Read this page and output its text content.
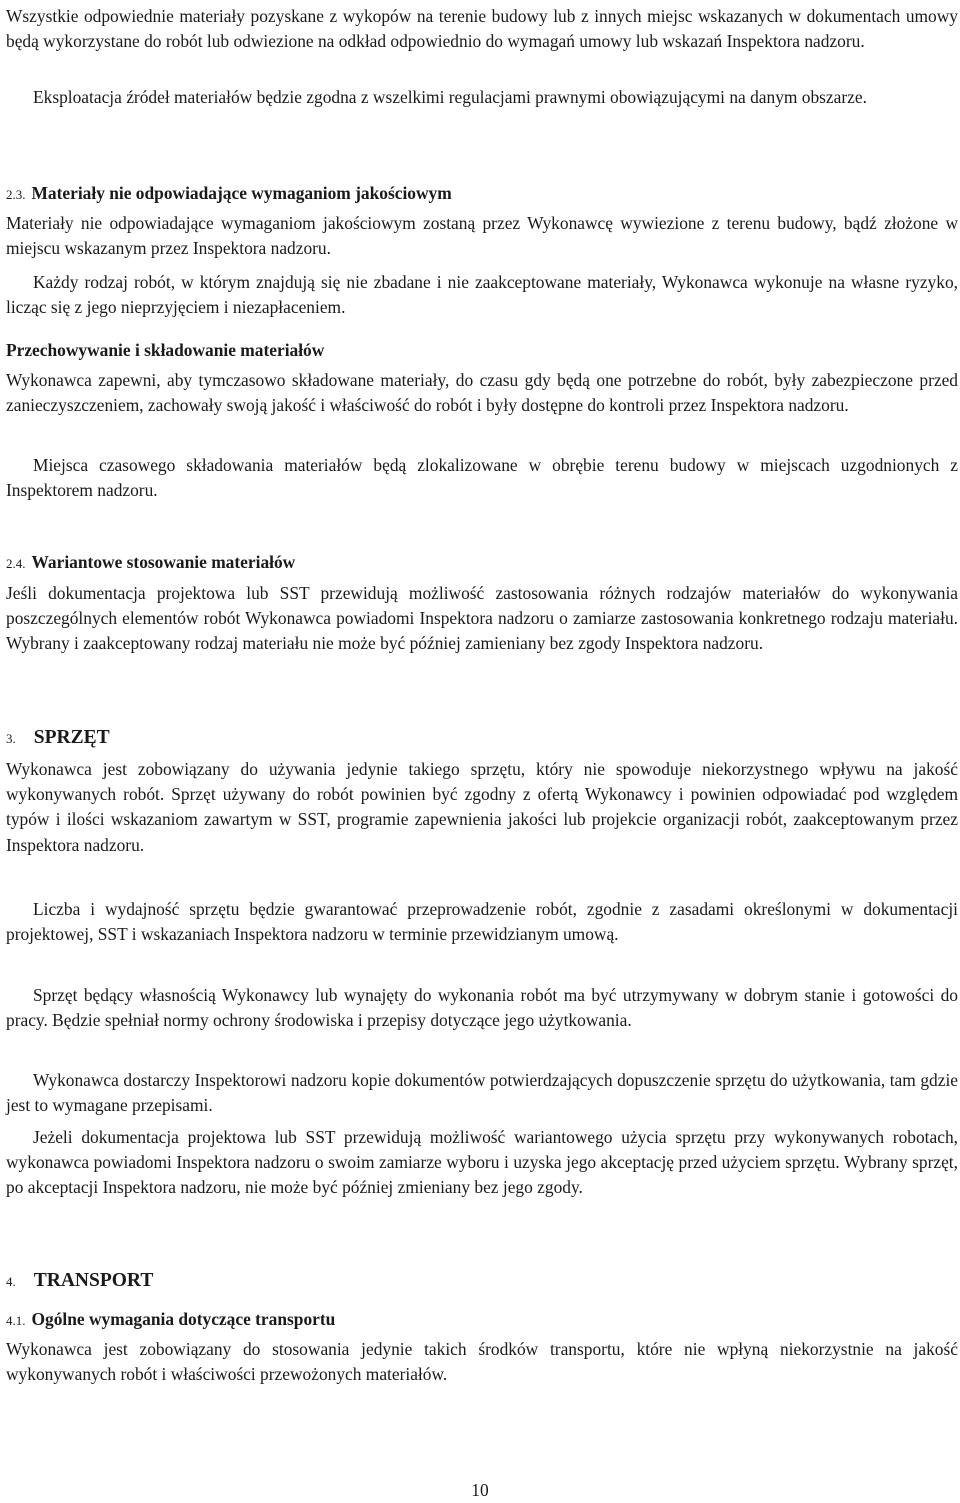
Wszystkie odpowiednie materiały pozyskane z wykopów na terenie budowy lub z innych miejsc wskazanych w dokumentach umowy będą wykorzystane do robót lub odwiezione na odkład odpowiednio do wymagań umowy lub wskazań Inspektora nadzoru.

Eksploatacja źródeł materiałów będzie zgodna z wszelkimi regulacjami prawnymi obowiązującymi na danym obszarze.

2.3. Materiały nie odpowiadające wymaganiom jakościowym

Materiały nie odpowiadające wymaganiom jakościowym zostaną przez Wykonawcę wywiezione z terenu budowy, bądź złożone w miejscu wskazanym przez Inspektora nadzoru.

Każdy rodzaj robót, w którym znajdują się nie zbadane i nie zaakceptowane materiały, Wykonawca wykonuje na własne ryzyko, licząc się z jego nieprzyjęciem i niezapłaceniem.

Przechowywanie i składowanie materiałów

Wykonawca zapewni, aby tymczasowo składowane materiały, do czasu gdy będą one potrzebne do robót, były zabezpieczone przed zanieczyszczeniem, zachowały swoją jakość i właściwość do robót i były dostępne do kontroli przez Inspektora nadzoru.

Miejsca czasowego składowania materiałów będą zlokalizowane w obrębie terenu budowy w miejscach uzgodnionych z Inspektorem nadzoru.

2.4. Wariantowe stosowanie materiałów

Jeśli dokumentacja projektowa lub SST przewidują możliwość zastosowania różnych rodzajów materiałów do wykonywania poszczególnych elementów robót Wykonawca powiadomi Inspektora nadzoru o zamiarze zastosowania konkretnego rodzaju materiału. Wybrany i zaakceptowany rodzaj materiału nie może być później zamieniany bez zgody Inspektora nadzoru.

3. SPRZĘT

Wykonawca jest zobowiązany do używania jedynie takiego sprzętu, który nie spowoduje niekorzystnego wpływu na jakość wykonywanych robót. Sprzęt używany do robót powinien być zgodny z ofertą Wykonawcy i powinien odpowiadać pod względem typów i ilości wskazaniom zawartym w SST, programie zapewnienia jakości lub projekcie organizacji robót, zaakceptowanym przez Inspektora nadzoru.

Liczba i wydajność sprzętu będzie gwarantować przeprowadzenie robót, zgodnie z zasadami określonymi w dokumentacji projektowej, SST i wskazaniach Inspektora nadzoru w terminie przewidzianym umową.

Sprzęt będący własnością Wykonawcy lub wynajęty do wykonania robót ma być utrzymywany w dobrym stanie i gotowości do pracy. Będzie spełniał normy ochrony środowiska i przepisy dotyczące jego użytkowania.

Wykonawca dostarczy Inspektorowi nadzoru kopie dokumentów potwierdzających dopuszczenie sprzętu do użytkowania, tam gdzie jest to wymagane przepisami.

Jeżeli dokumentacja projektowa lub SST przewidują możliwość wariantowego użycia sprzętu przy wykonywanych robotach, wykonawca powiadomi Inspektora nadzoru o swoim zamiarze wyboru i uzyska jego akceptację przed użyciem sprzętu. Wybrany sprzęt, po akceptacji Inspektora nadzoru, nie może być później zmieniany bez jego zgody.

4. TRANSPORT
4.1. Ogólne wymagania dotyczące transportu

Wykonawca jest zobowiązany do stosowania jedynie takich środków transportu, które nie wpłyną niekorzystnie na jakość wykonywanych robót i właściwości przewożonych materiałów.

10
